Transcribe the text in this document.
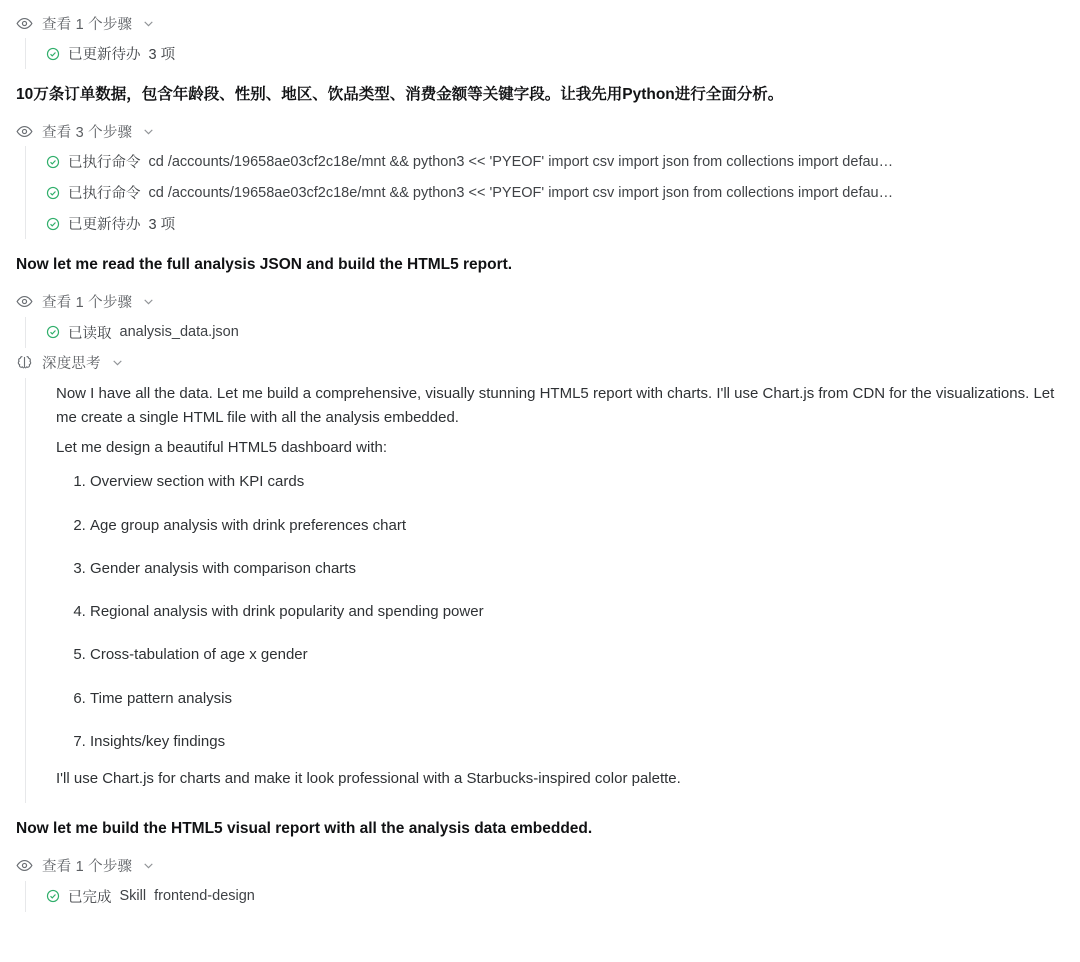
查看 1 个步骤
已更新待办 3 项
10万条订单数据，包含年龄段、性别、地区、饮品类型、消费金额等关键字段。让我先用Python进行全面分析。
查看 3 个步骤
已执行命令 cd /accounts/19658ae03cf2c18e/mnt && python3 << 'PYEOF' import csv import json from collections import defau…
已执行命令 cd /accounts/19658ae03cf2c18e/mnt && python3 << 'PYEOF' import csv import json from collections import defau…
已更新待办 3 项
Now let me read the full analysis JSON and build the HTML5 report.
查看 1 个步骤
已读取 analysis_data.json
深度思考

Now I have all the data. Let me build a comprehensive, visually stunning HTML5 report with charts. I'll use Chart.js from CDN for the visualizations. Let me create a single HTML file with all the analysis embedded.

Let me design a beautiful HTML5 dashboard with:

1. Overview section with KPI cards
2. Age group analysis with drink preferences chart
3. Gender analysis with comparison charts
4. Regional analysis with drink popularity and spending power
5. Cross-tabulation of age x gender
6. Time pattern analysis
7. Insights/key findings

I'll use Chart.js for charts and make it look professional with a Starbucks-inspired color palette.

Now let me build the HTML5 visual report with all the analysis data embedded.
查看 1 个步骤
已完成 Skill frontend-design
